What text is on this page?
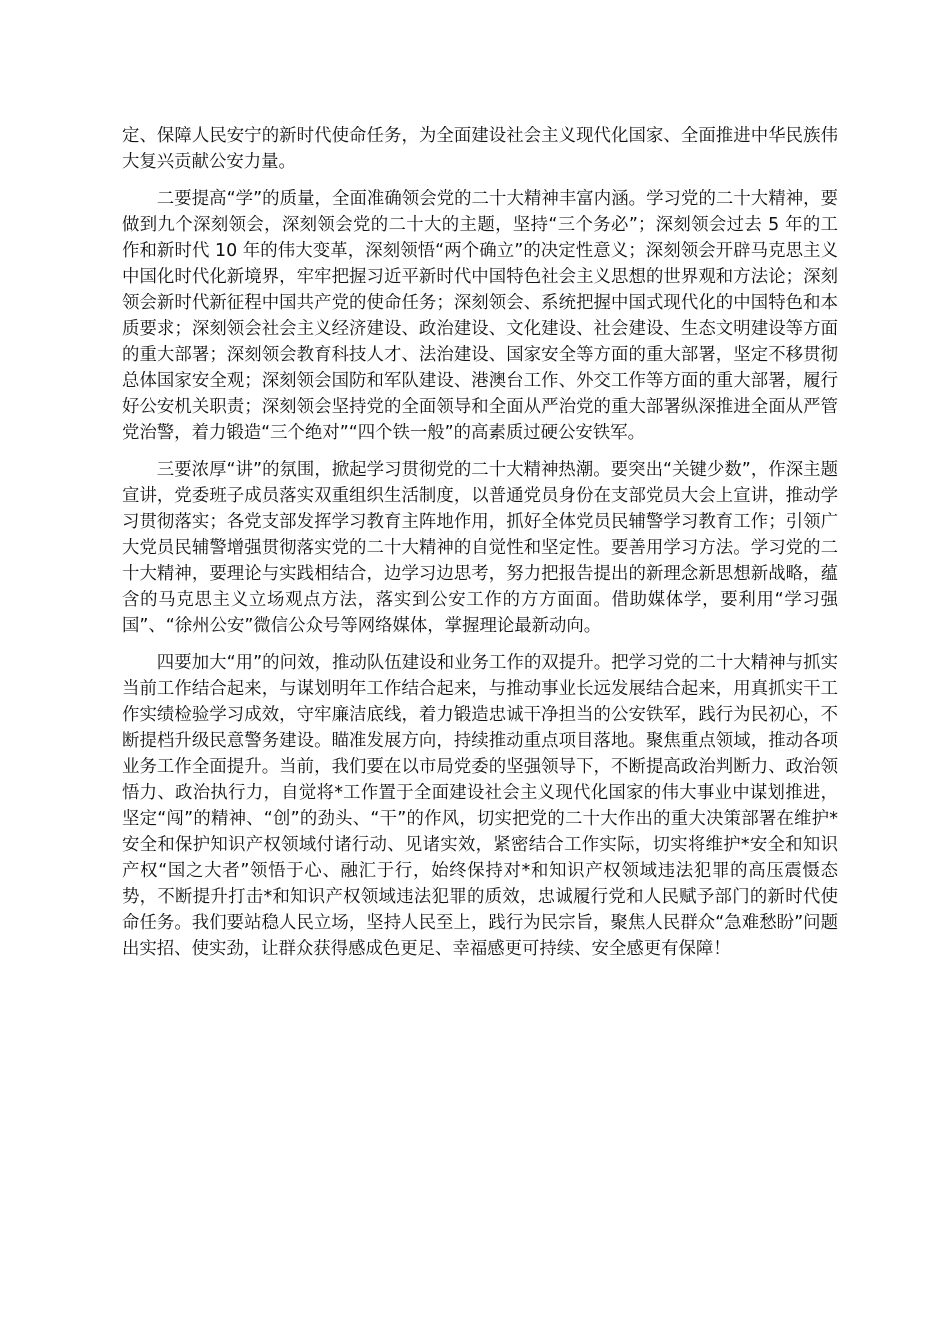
定、保障人民安宁的新时代使命任务，为全面建设社会主义现代化国家、全面推进中华民族伟大复兴贡献公安力量。

二要提高“学”的质量，全面准确领会党的二十大精神丰富内涵。学习党的二十大精神，要做到九个深刻领会，深刻领会党的二十大的主题，坚持“三个务必”；深刻领会过去 5 年的工作和新时代 10 年的伟大变革，深刻领悟“两个确立”的决定性意义；深刻领会开辟马克思主义中国化时代化新境界，牢牢把握习近平新时代中国特色社会主义思想的世界观和方法论；深刻领会新时代新征程中国共产党的使命任务；深刻领会、系统把握中国式现代化的中国特色和本质要求；深刻领会社会主义经济建设、政治建设、文化建设、社会建设、生态文明建设等方面的重大部署；深刻领会教育科技人才、法治建设、国家安全等方面的重大部署，坚定不移贯彻总体国家安全观；深刻领会国防和军队建设、港澳台工作、外交工作等方面的重大部署，履行好公安机关职责；深刻领会坚持党的全面领导和全面从严治党的重大部署纵深推进全面从严管党治警，着力锻造“三个绝对”“四个铁一般”的高素质过硬公安铁军。

三要浓厚“讲”的氛围，掀起学习贯彻党的二十大精神热潮。要突出“关键少数”，作深主题宣讲，党委班子成员落实双重组织生活制度，以普通党员身份在支部党员大会上宣讲，推动学习贯彻落实；各党支部发挥学习教育主阵地作用，抓好全体党员民辅警学习教育工作；引领广大党员民辅警增强贯彻落实党的二十大精神的自觉性和坚定性。要善用学习方法。学习党的二十大精神，要理论与实践相结合，边学习边思考，努力把报告提出的新理念新思想新战略，蕴含的马克思主义立场观点方法，落实到公安工作的方方面面。借助媒体学，要利用“学习强国”、“徐州公安”微信公众号等网络媒体，掌握理论最新动向。

四要加大“用”的问效，推动队伍建设和业务工作的双提升。把学习党的二十大精神与抓实当前工作结合起来，与谋划明年工作结合起来，与推动事业长远发展结合起来，用真抓实干工作实绩检验学习成效，守牢廉洁底线，着力锻造忠诚干净担当的公安铁军，践行为民初心，不断提档升级民意警务建设。瞄准发展方向，持续推动重点项目落地。聚焦重点领域，推动各项业务工作全面提升。当前，我们要在以市局党委的坚强领导下，不断提高政治判断力、政治领悟力、政治执行力，自觉将*工作置于全面建设社会主义现代化国家的伟大事业中谋划推进，坚定“闯”的精神、“创”的劲头、“干”的作风，切实把党的二十大作出的重大决策部署在维护*安全和保护知识产权领域付诸行动、见诸实效，紧密结合工作实际，切实将维护*安全和知识产权“国之大者”领悟于心、融汇于行，始终保持对*和知识产权领域违法犯罪的高压震慑态势，不断提升打击*和知识产权领域违法犯罪的质效，忠诚履行党和人民赋予部门的新时代使命任务。我们要站稳人民立场，坚持人民至上，践行为民宗旨，聚焦人民群众“急难愁盼”问题出实招、使实劲，让群众获得感成色更足、幸福感更可持续、安全感更有保障！
